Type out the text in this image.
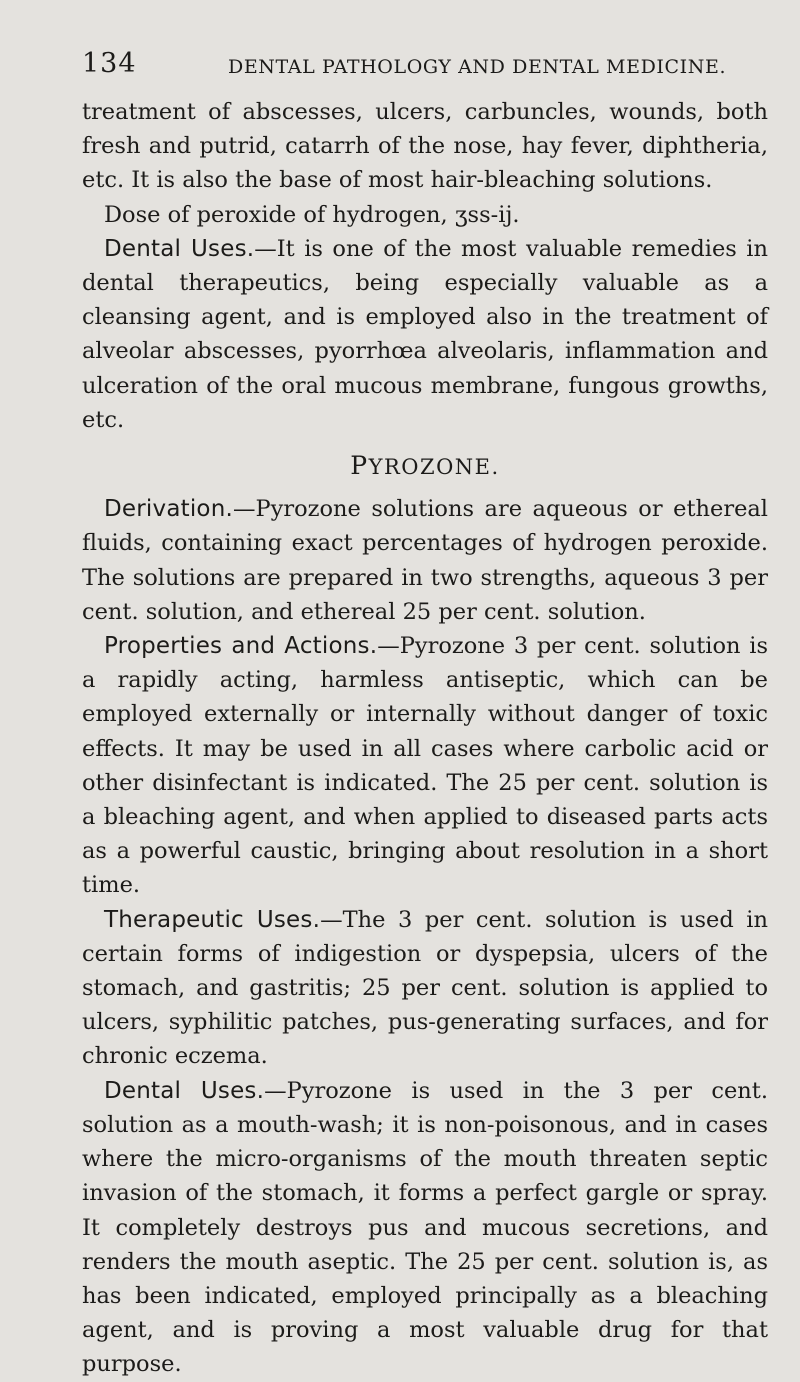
134	DENTAL PATHOLOGY AND DENTAL MEDICINE.

treatment of abscesses, ulcers, carbuncles, wounds, both fresh and putrid, catarrh of the nose, hay fever, diphtheria, etc. It is also the base of most hair-bleaching solutions.

Dose of peroxide of hydrogen, ʒss-ij.

Dental Uses.—It is one of the most valuable remedies in dental therapeutics, being especially valuable as a cleansing agent, and is employed also in the treatment of alveolar abscesses, pyorrhœa alveolaris, inflammation and ulceration of the oral mucous membrane, fungous growths, etc.

PYROZONE.

Derivation.—Pyrozone solutions are aqueous or ethereal fluids, containing exact percentages of hydrogen peroxide. The solutions are prepared in two strengths, aqueous 3 per cent. solution, and ethereal 25 per cent. solution.

Properties and Actions.—Pyrozone 3 per cent. solution is a rapidly acting, harmless antiseptic, which can be employed externally or internally without danger of toxic effects. It may be used in all cases where carbolic acid or other disinfectant is indicated. The 25 per cent. solution is a bleaching agent, and when applied to diseased parts acts as a powerful caustic, bringing about resolution in a short time.

Therapeutic Uses.—The 3 per cent. solution is used in certain forms of indigestion or dyspepsia, ulcers of the stomach, and gastritis; 25 per cent. solution is applied to ulcers, syphilitic patches, pus-generating surfaces, and for chronic eczema.

Dental Uses.—Pyrozone is used in the 3 per cent. solution as a mouth-wash; it is non-poisonous, and in cases where the micro-organisms of the mouth threaten septic invasion of the stomach, it forms a perfect gargle or spray. It completely destroys pus and mucous secretions, and renders the mouth aseptic. The 25 per cent. solution is, as has been indicated, employed principally as a bleaching agent, and is proving a most valuable drug for that purpose.
